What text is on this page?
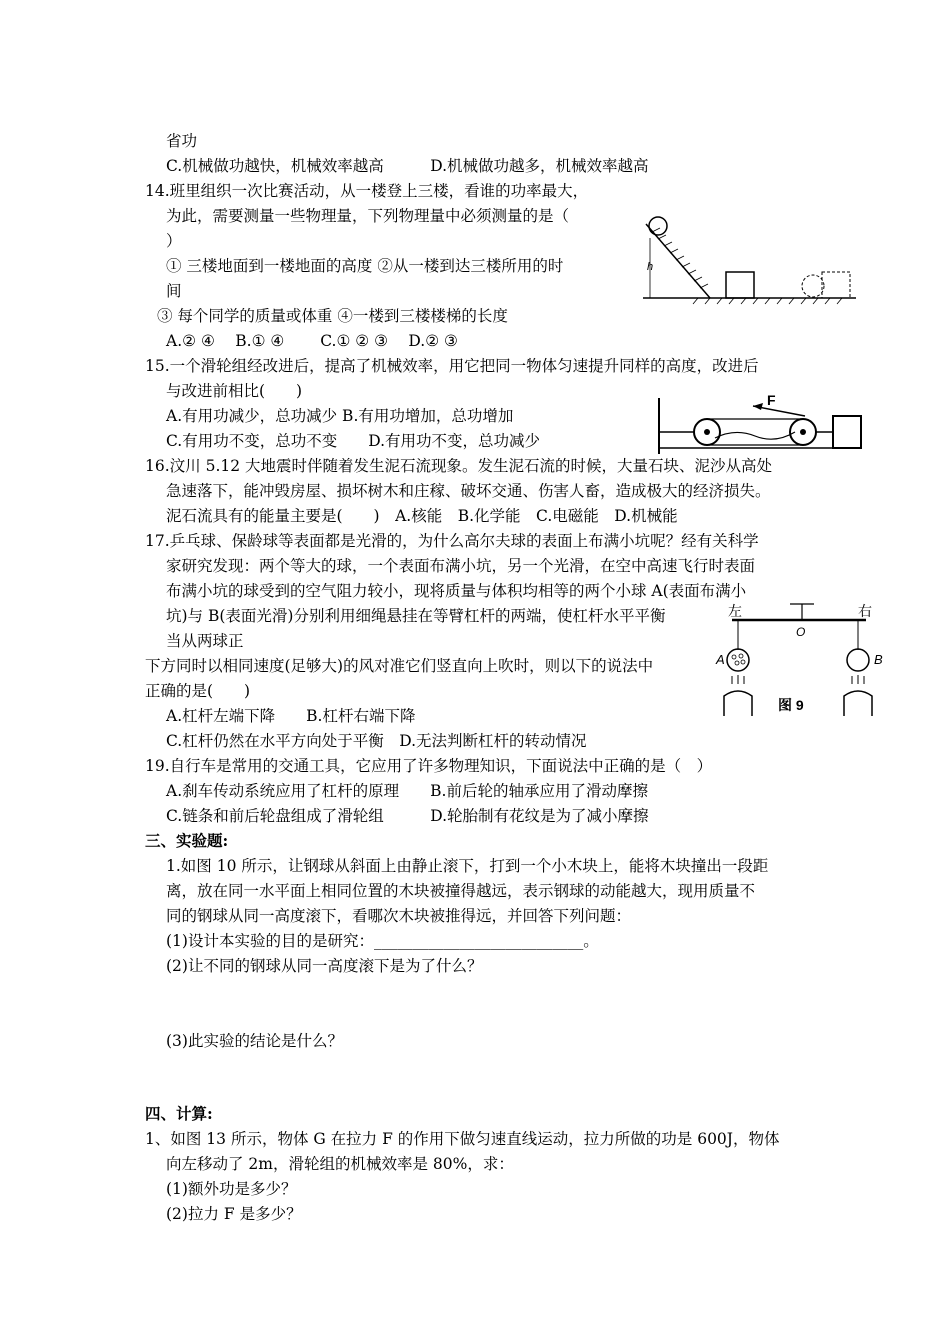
省功
C.机械做功越快，机械效率越高　　　D.机械做功越多，机械效率越高
14.班里组织一次比赛活动，从一楼登上三楼，看谁的功率最大，
为此，需要测量一些物理量，下列物理量中必须测量的是（
）
① 三楼地面到一楼地面的高度 ②从一楼到达三楼所用的时
间
③ 每个同学的质量或体重 ④一楼到三楼楼梯的长度
A.② ④　 B.① ④　　 C.① ② ③　 D.② ③
15.一个滑轮组经改进后，提高了机械效率，用它把同一物体匀速提升同样的高度，改进后
与改进前相比(　　)
A.有用功减少，总功减少 B.有用功增加，总功增加
C.有用功不变，总功不变　　D.有用功不变，总功减少
16.汶川 5.12 大地震时伴随着发生泥石流现象。发生泥石流的时候，大量石块、泥沙从高处
急速落下，能冲毁房屋、损坏树木和庄稼、破坏交通、伤害人畜，造成极大的经济损失。
泥石流具有的能量主要是(　　)　A.核能　B.化学能　C.电磁能　D.机械能
17.乒乓球、保龄球等表面都是光滑的，为什么高尔夫球的表面上布满小坑呢？经有关科学
家研究发现：两个等大的球，一个表面布满小坑，另一个光滑，在空中高速飞行时表面
布满小坑的球受到的空气阻力较小，现将质量与体积均相等的两个小球 A(表面布满小
坑)与 B(表面光滑)分别利用细绳悬挂在等臂杠杆的两端，使杠杆水平平衡
当从两球正
下方同时以相同速度(足够大)的风对准它们竖直向上吹时，则以下的说法中
正确的是(　　)
A.杠杆左端下降　　B.杠杆右端下降
C.杠杆仍然在水平方向处于平衡　D.无法判断杠杆的转动情况
19.自行车是常用的交通工具，它应用了许多物理知识，下面说法中正确的是（　）
A.刹车传动系统应用了杠杆的原理　　B.前后轮的轴承应用了滑动摩擦
C.链条和前后轮盘组成了滑轮组　　　D.轮胎制有花纹是为了减小摩擦
三、实验题:
1.如图 10 所示，让钢球从斜面上由静止滚下，打到一个小木块上，能将木块撞出一段距
离，放在同一水平面上相同位置的木块被撞得越远，表示钢球的动能越大，现用质量不
同的钢球从同一高度滚下，看哪次木块被推得远，并回答下列问题：
(1)设计本实验的目的是研究：___________________________。
(2)让不同的钢球从同一高度滚下是为了什么？
(3)此实验的结论是什么？
四、计算:
1、如图 13 所示，物体 G 在拉力 F 的作用下做匀速直线运动，拉力所做的功是 600J，物体
向左移动了 2m，滑轮组的机械效率是 80%，求：
(1)额外功是多少？
(2)拉力 F 是多少？
h
F
左	右
O
A	B
图 9
